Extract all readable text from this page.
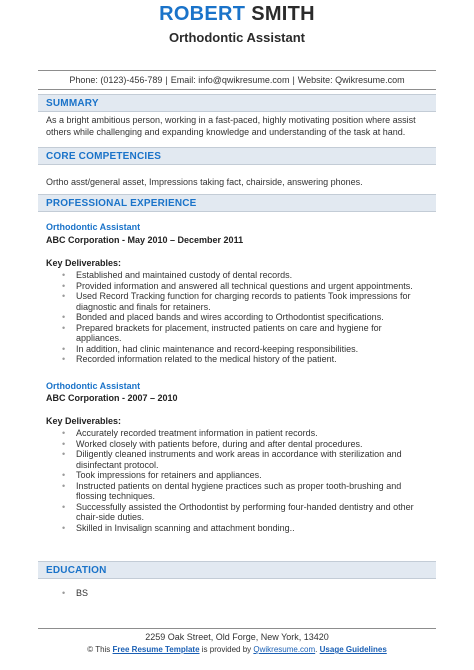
ROBERT SMITH
Orthodontic Assistant
Phone: (0123)-456-789 | Email: info@qwikresume.com | Website: Qwikresume.com
SUMMARY
As a bright ambitious person, working in a fast-paced, highly motivating position where assist others while challenging and expanding knowledge and understanding of the task at hand.
CORE COMPETENCIES
Ortho asst/general asset, Impressions taking fact, chairside, answering phones.
PROFESSIONAL EXPERIENCE
Orthodontic Assistant
ABC Corporation - May 2010 – December 2011
Key Deliverables:
• Established and maintained custody of dental records.
• Provided information and answered all technical questions and urgent appointments.
• Used Record Tracking function for charging records to patients Took impressions for diagnostic and finals for retainers.
• Bonded and placed bands and wires according to Orthodontist specifications.
• Prepared brackets for placement, instructed patients on care and hygiene for appliances.
• In addition, had clinic maintenance and record-keeping responsibilities.
• Recorded information related to the medical history of the patient.
Orthodontic Assistant
ABC Corporation - 2007 – 2010
Key Deliverables:
• Accurately recorded treatment information in patient records.
• Worked closely with patients before, during and after dental procedures.
• Diligently cleaned instruments and work areas in accordance with sterilization and disinfectant protocol.
• Took impressions for retainers and appliances.
• Instructed patients on dental hygiene practices such as proper tooth-brushing and flossing techniques.
• Successfully assisted the Orthodontist by performing four-handed dentistry and other chair-side duties.
• Skilled in Invisalign scanning and attachment bonding..
EDUCATION
• BS
2259 Oak Street, Old Forge, New York, 13420
© This Free Resume Template is provided by Qwikresume.com. Usage Guidelines
